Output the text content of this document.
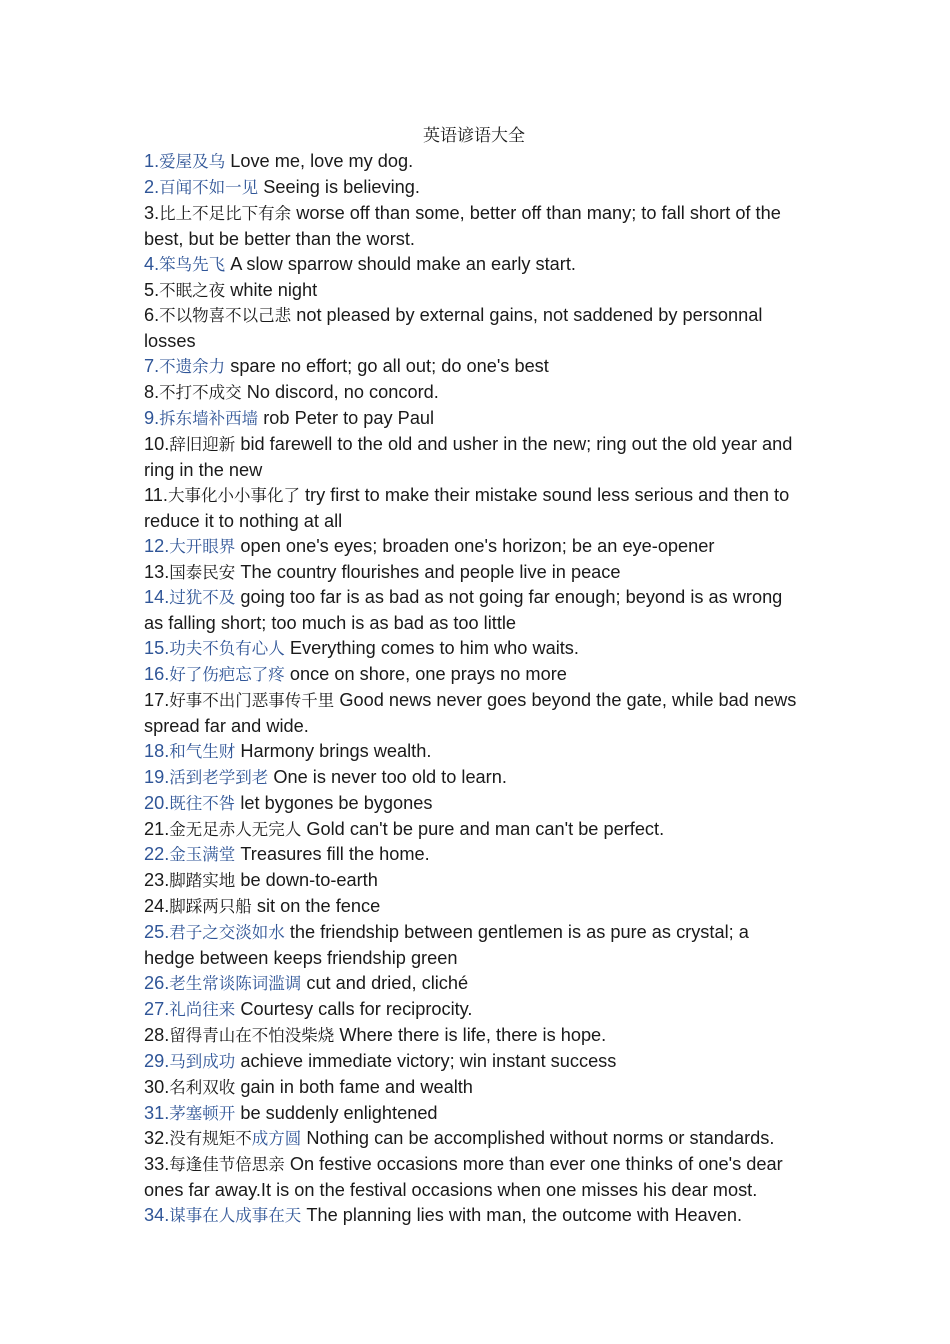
英语谚语大全

1.爱屋及乌 Love me, love my dog.

2.百闻不如一见 Seeing is believing.

3.比上不足比下有余 worse off than some, better off than many; to fall short of the best, but be better than the worst.

4.笨鸟先飞 A slow sparrow should make an early start.

5.不眠之夜 white night

6.不以物喜不以己悲 not pleased by external gains, not saddened by personnal losses

7.不遗余力 spare no effort; go all out; do one's best

8.不打不成交 No discord, no concord.

9.拆东墙补西墙 rob Peter to pay Paul

10.辞旧迎新 bid farewell to the old and usher in the new; ring out the old year and ring in the new

11.大事化小小事化了 try first to make their mistake sound less serious and then to reduce it to nothing at all

12.大开眼界 open one's eyes; broaden one's horizon; be an eye-opener

13.国泰民安 The country flourishes and people live in peace

14.过犹不及 going too far is as bad as not going far enough; beyond is as wrong as falling short; too much is as bad as too little

15.功夫不负有心人 Everything comes to him who waits.

16.好了伤疤忘了疼 once on shore, one prays no more

17.好事不出门恶事传千里 Good news never goes beyond the gate, while bad news spread far and wide.

18.和气生财 Harmony brings wealth.

19.活到老学到老 One is never too old to learn.

20.既往不咎 let bygones be bygones

21.金无足赤人无完人 Gold can't be pure and man can't be perfect.

22.金玉满堂 Treasures fill the home.

23.脚踏实地 be down-to-earth

24.脚踩两只船 sit on the fence

25.君子之交淡如水 the friendship between gentlemen is as pure as crystal; a hedge between keeps friendship green

26.老生常谈陈词滥调 cut and dried, cliché

27.礼尚往来 Courtesy calls for reciprocity.

28.留得青山在不怕没柴烧 Where there is life, there is hope.

29.马到成功 achieve immediate victory; win instant success

30.名利双收 gain in both fame and wealth

31.茅塞顿开 be suddenly enlightened

32.没有规矩不成方圆 Nothing can be accomplished without norms or standards. 33.每逢佳节倍思亲 On festive occasions more than ever one thinks of one's dear ones far away.It is on the festival occasions when one misses his dear most.

34.谋事在人成事在天 The planning lies with man, the outcome with Heaven.
